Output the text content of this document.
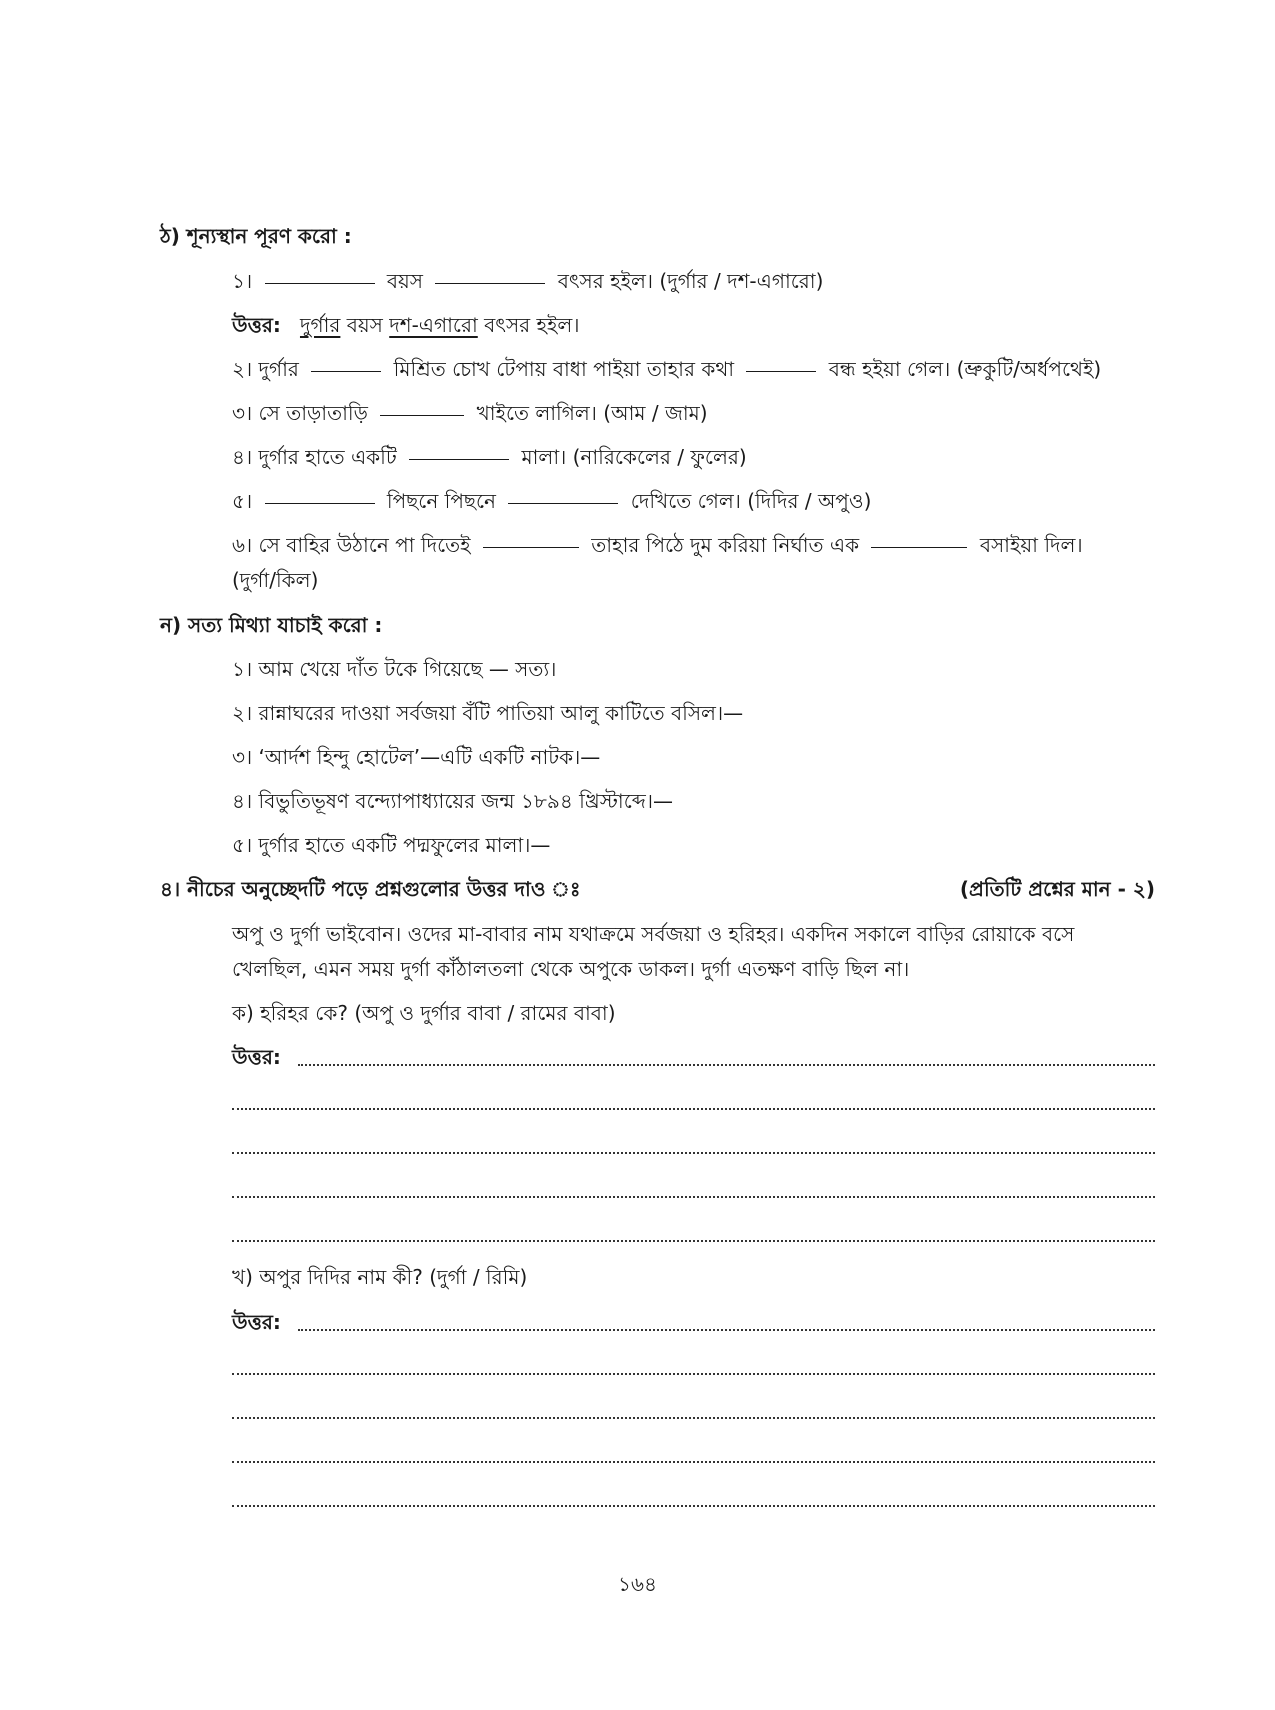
ঠ) শূন্যস্থান পূরণ করো :
১।	বয়স	বৎসর হইল। (দুর্গার / দশ-এগারো)
উত্তর: দুর্গার বয়স দশ-এগারো বৎসর হইল।
২। দুর্গার	মিশ্রিত চোখ টেপায় বাধা পাইয়া তাহার কথা	বন্ধ হইয়া গেল। (ভ্রুকুটি/অর্ধপথেই)
৩। সে তাড়াতাড়ি	খাইতে লাগিল। (আম / জাম)
৪। দুর্গার হাতে একটি	মালা। (নারিকেলের / ফুলের)
৫।	পিছনে পিছনে	দেখিতে গেল। (দিদির / অপুও)
৬। সে বাহির উঠানে পা দিতেই	তাহার পিঠে দুম করিয়া নির্ঘাত এক	বসাইয়া দিল।
(দুর্গা/কিল)
ন) সত্য মিথ্যা যাচাই করো :
১। আম খেয়ে দাঁত টকে গিয়েছে — সত্য।
২। রান্নাঘরের দাওয়া সর্বজয়া বঁটি পাতিয়া আলু কাটিতে বসিল।—
৩। ‘আর্দশ হিন্দু হোটেল’—এটি একটি নাটক।—
৪। বিভুতিভূষণ বন্দ্যোপাধ্যায়ের জন্ম ১৮৯৪ খ্রিস্টাব্দে।—
৫। দুর্গার হাতে একটি পদ্মফুলের মালা।—
৪। নীচের অনুচ্ছেদটি পড়ে প্রশ্নগুলোর উত্তর দাও ঃ	(প্রতিটি প্রশ্নের মান - ২)
অপু ও দুর্গা ভাইবোন। ওদের মা-বাবার নাম যথাক্রমে সর্বজয়া ও হরিহর। একদিন সকালে বাড়ির রোয়াকে বসে
খেলছিল, এমন সময় দুর্গা কাঁঠালতলা থেকে অপুকে ডাকল। দুর্গা এতক্ষণ বাড়ি ছিল না।
ক) হরিহর কে? (অপু ও দুর্গার বাবা / রামের বাবা)
উত্তর:
খ) অপুর দিদির নাম কী? (দুর্গা / রিমি)
উত্তর:
১৬৪
